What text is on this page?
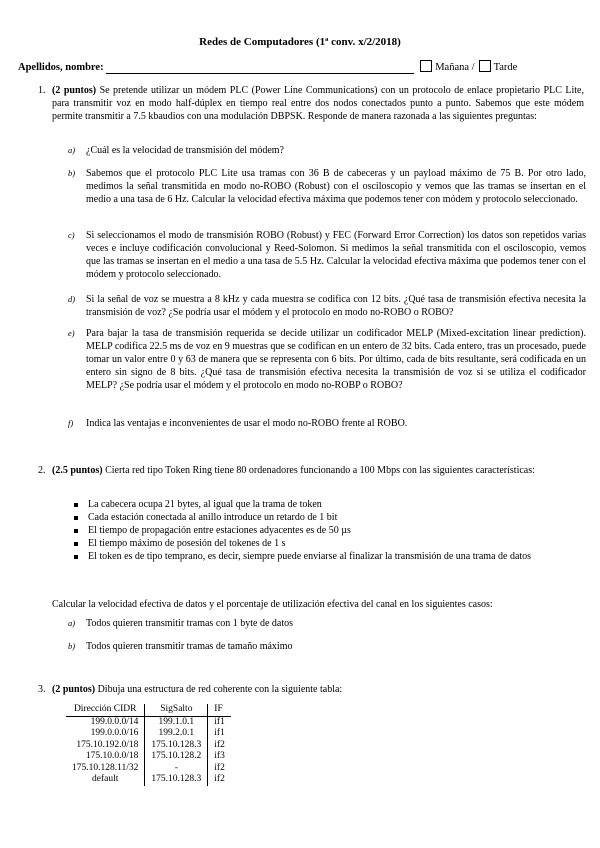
Redes de Computadores (1ª conv. x/2/2018)
Apellidos, nombre:	Mañana / Tarde
1. (2 puntos) Se pretende utilizar un módem PLC (Power Line Communications) con un protocolo de enlace propietario PLC Lite, para transmitir voz en modo half-dúplex en tiempo real entre dos nodos conectados punto a punto. Sabemos que este módem permite transmitir a 7.5 kbaudios con una modulación DBPSK. Responde de manera razonada a las siguientes preguntas:
a) ¿Cuál es la velocidad de transmisión del módem?
b) Sabemos que el protocolo PLC Lite usa tramas con 36 B de cabeceras y un payload máximo de 75 B. Por otro lado, medimos la señal transmitida en modo no-ROBO (Robust) con el osciloscopio y vemos que las tramas se insertan en el medio a una tasa de 6 Hz. Calcular la velocidad efectiva máxima que podemos tener con módem y protocolo seleccionado.
c) Si seleccionamos el modo de transmisión ROBO (Robust) y FEC (Forward Error Correction) los datos son repetidos varias veces e incluye codificación convolucional y Reed-Solomon. Si medimos la señal transmitida con el osciloscopio, vemos que las tramas se insertan en el medio a una tasa de 5.5 Hz. Calcular la velocidad efectiva máxima que podemos tener con el módem y protocolo seleccionado.
d) Si la señal de voz se muestra a 8 kHz y cada muestra se codifica con 12 bits. ¿Qué tasa de transmisión efectiva necesita la transmisión de voz? ¿Se podría usar el módem y el protocolo en modo no-ROBO o ROBO?
e) Para bajar la tasa de transmisión requerida se decide utilizar un codificador MELP (Mixed-excitation linear prediction). MELP codifica 22.5 ms de voz en 9 muestras que se codifican en un entero de 32 bits. Cada entero, tras un procesado, puede tomar un valor entre 0 y 63 de manera que se representa con 6 bits. Por último, cada de bits resultante, será codificada en un entero sin signo de 8 bits. ¿Qué tasa de transmisión efectiva necesita la transmisión de voz si se utiliza el codificador MELP? ¿Se podría usar el módem y el protocolo en modo no-ROBP o ROBO?
f) Indica las ventajas e inconvenientes de usar el modo no-ROBO frente al ROBO.
2. (2.5 puntos) Cierta red tipo Token Ring tiene 80 ordenadores funcionando a 100 Mbps con las siguientes características:
La cabecera ocupa 21 bytes, al igual que la trama de token
Cada estación conectada al anillo introduce un retardo de 1 bit
El tiempo de propagación entre estaciones adyacentes es de 50 µs
El tiempo máximo de posesión del tokenes de 1 s
El token es de tipo temprano, es decir, siempre puede enviarse al finalizar la transmisión de una trama de datos
Calcular la velocidad efectiva de datos y el porcentaje de utilización efectiva del canal en los siguientes casos:
a) Todos quieren transmitir tramas con 1 byte de datos
b) Todos quieren transmitir tramas de tamaño máximo
3. (2 puntos) Dibuja una estructura de red coherente con la siguiente tabla:
Dirección CIDR	SigSalto	IF
199.0.0.0/14	199.1.0.1	if1
199.0.0.0/16	199.2.0.1	if1
175.10.192.0/18	175.10.128.3	if2
175.10.0.0/18	175.10.128.2	if3
175.10.128.11/32	-	if2
default	175.10.128.3	if2
